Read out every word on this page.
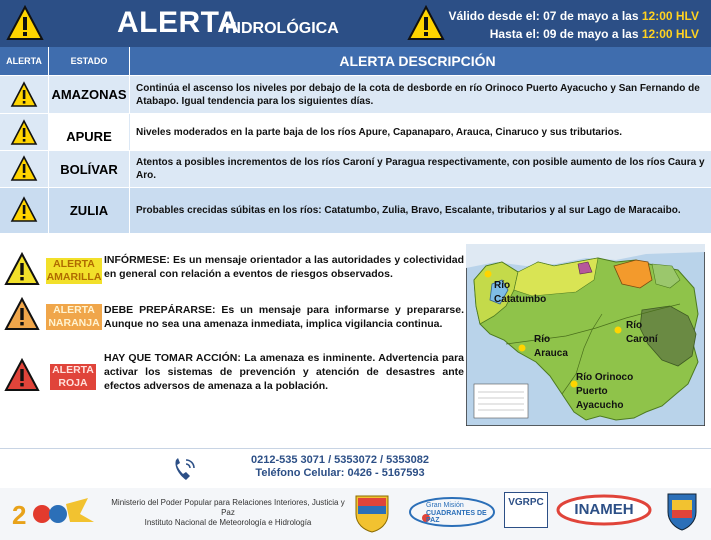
ALERTA
HIDROLÓGICA
Válido desde el: 07 de mayo a las 12:00 HLV
Hasta el: 09 de mayo a las 12:00 HLV
ALERTA	ESTADO	ALERTA DESCRIPCIÓN
AMAZONAS Continúa el ascenso los niveles por debajo de la cota de desborde en río Orinoco Puerto Ayacucho y San Fernando de Atabapo. Igual tendencia para los siguientes días.
APURE	Niveles moderados en la parte baja de los ríos Apure, Capanaparo, Arauca, Cinaruco y sus tributarios.
BOLÍVAR	Atentos a posibles incrementos de los ríos Caroní y Paragua respectivamente, con posible aumento de los ríos Caura y Aro.
ZULIA	Probables crecidas súbitas en los ríos: Catatumbo, Zulia, Bravo, Escalante, tributarios y al sur Lago de Maracaibo.
ALERTA
AMARILLA
INFÓRMESE: Es un mensaje orientador a las autoridades y colectividad en general con relación a eventos de riesgos observados.
ALERTA
NARANJA
DEBE PREPÁRARSE: Es un mensaje para informarse y prepararse. Aunque no sea una amenaza inmediata, implica vigilancia continua.
ALERTA
ROJA
HAY QUE TOMAR ACCIÓN: La amenaza es inminente. Advertencia para activar los sistemas de prevención y atención de desastres ante efectos adversos de amenaza a la población.
Río
Catatumbo
Río
Arauca
Río
Caroní
Río Orinoco
Puerto
Ayacucho
0212-535 3071 / 5353072 / 5353082
Teléfono Celular: 0426 - 5167593
2	Ministerio del Poder Popular para Relaciones Interiores, Justicia y Paz
Instituto Nacional de Meteorología e Hidrología
Gran Misión
CUADRANTES DE PAZ
VGRPC	INAMEH
